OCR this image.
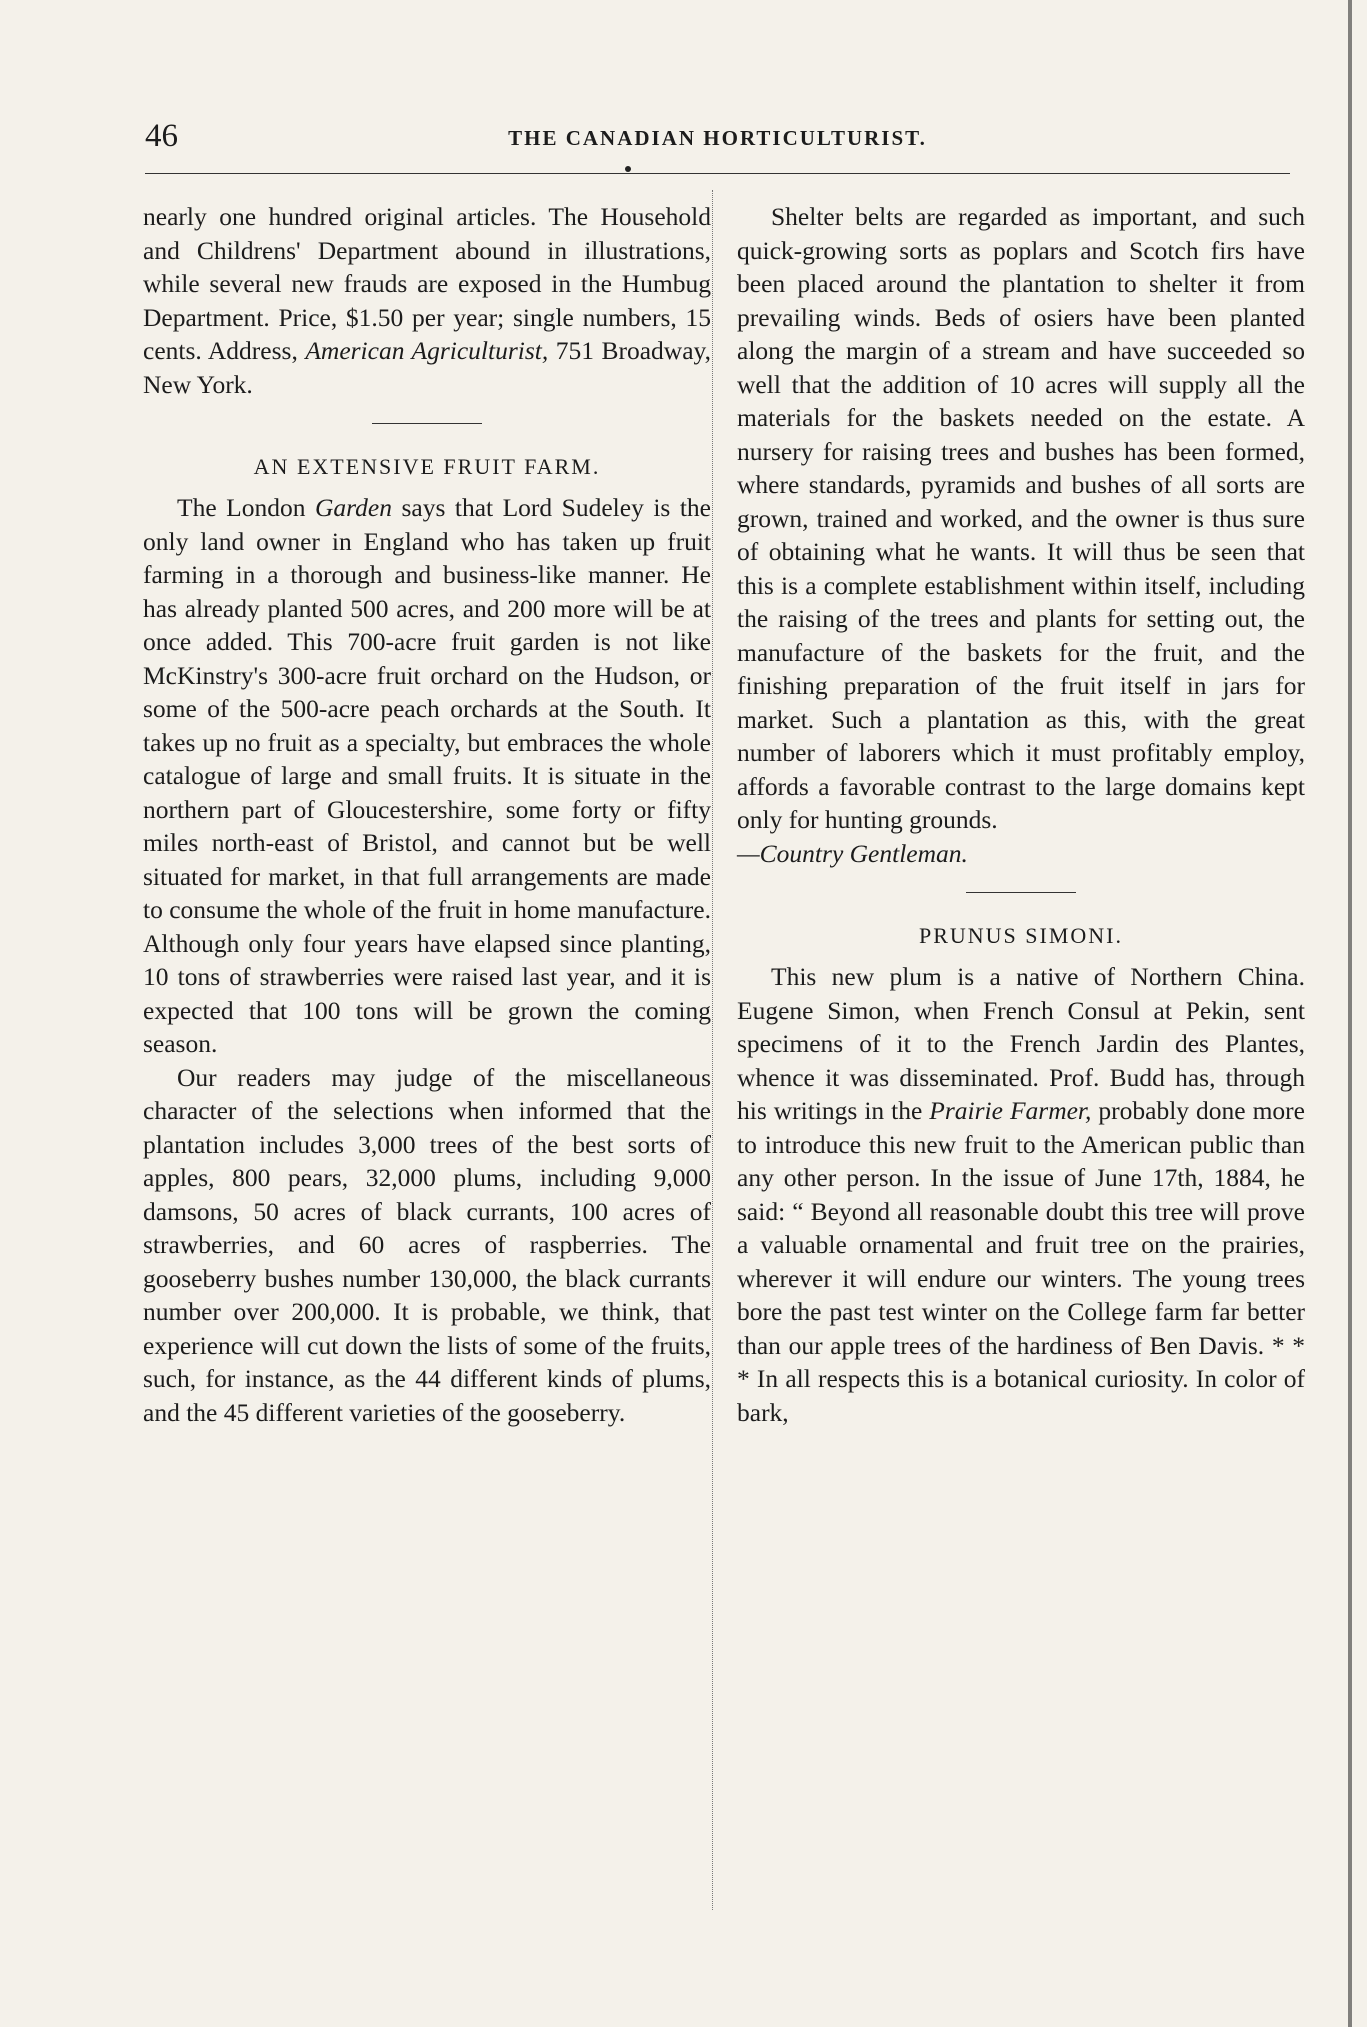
46	THE CANADIAN HORTICULTURIST.

nearly one hundred original articles. The Household and Childrens' Department abound in illustrations, while several new frauds are exposed in the Humbug Department. Price, $1.50 per year; single numbers, 15 cents. Address, American Agriculturist, 751 Broadway, New York.

AN EXTENSIVE FRUIT FARM.

The London Garden says that Lord Sudeley is the only land owner in England who has taken up fruit farming in a thorough and business-like manner. He has already planted 500 acres, and 200 more will be at once added. This 700-acre fruit garden is not like McKinstry's 300-acre fruit orchard on the Hudson, or some of the 500-acre peach orchards at the South. It takes up no fruit as a specialty, but embraces the whole catalogue of large and small fruits. It is situate in the northern part of Gloucestershire, some forty or fifty miles north-east of Bristol, and cannot but be well situated for market, in that full arrangements are made to consume the whole of the fruit in home manufacture. Although only four years have elapsed since planting, 10 tons of strawberries were raised last year, and it is expected that 100 tons will be grown the coming season.

Our readers may judge of the miscellaneous character of the selections when informed that the plantation includes 3,000 trees of the best sorts of apples, 800 pears, 32,000 plums, including 9,000 damsons, 50 acres of black currants, 100 acres of strawberries, and 60 acres of raspberries. The gooseberry bushes number 130,000, the black currants number over 200,000. It is probable, we think, that experience will cut down the lists of some of the fruits, such, for instance, as the 44 different kinds of plums, and the 45 different varieties of the gooseberry.

Shelter belts are regarded as important, and such quick-growing sorts as poplars and Scotch firs have been placed around the plantation to shelter it from prevailing winds. Beds of osiers have been planted along the margin of a stream and have succeeded so well that the addition of 10 acres will supply all the materials for the baskets needed on the estate. A nursery for raising trees and bushes has been formed, where standards, pyramids and bushes of all sorts are grown, trained and worked, and the owner is thus sure of obtaining what he wants. It will thus be seen that this is a complete establishment within itself, including the raising of the trees and plants for setting out, the manufacture of the baskets for the fruit, and the finishing preparation of the fruit itself in jars for market. Such a plantation as this, with the great number of laborers which it must profitably employ, affords a favorable contrast to the large domains kept only for hunting grounds.

—Country Gentleman.

PRUNUS SIMONI.

This new plum is a native of Northern China. Eugene Simon, when French Consul at Pekin, sent specimens of it to the French Jardin des Plantes, whence it was disseminated. Prof. Budd has, through his writings in the Prairie Farmer, probably done more to introduce this new fruit to the American public than any other person. In the issue of June 17th, 1884, he said: “ Beyond all reasonable doubt this tree will prove a valuable ornamental and fruit tree on the prairies, wherever it will endure our winters. The young trees bore the past test winter on the College farm far better than our apple trees of the hardiness of Ben Davis. * * * In all respects this is a botanical curiosity. In color of bark,
